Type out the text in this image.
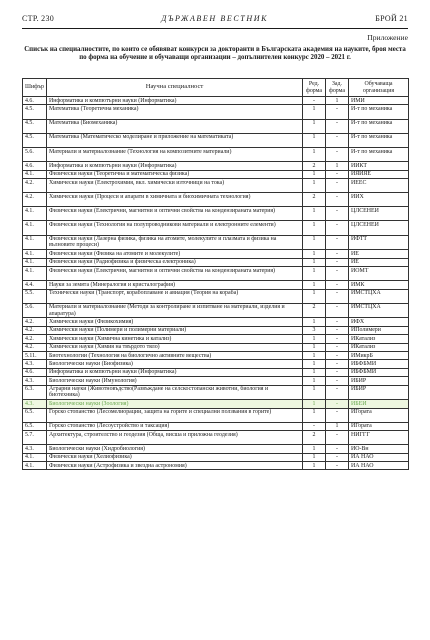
СТР. 230	ДЪРЖАВЕН ВЕСТНИК	БРОЙ 21
Приложение
Списък на специалностите, по които се обявяват конкурси за докторанти в Българската академия на науките, броя места по форма на обучение и обучаващи организации – допълнителен конкурс 2020 – 2021 г.
Шифър	Научна специалност	Ред. форма	Зад. форма	Обучаваща организация
4.6.	Информатика и компютърни науки (Информатика)	-	1	ИМИ
4.5.	Математика (Теоретична механика)	1	-	И-т по механика
4.5.	Математика (Биомеханика)	1	-	И-т по механика
4.5.	Математика (Математическо моделиране и приложение на математиката)	1	-	И-т по механика
5.6.	Материали и материалознание (Технология на композитните материали)	1	-	И-т по механика
4.6.	Информатика и компютърни науки (Информатика)	2	1	ИИКТ
4.1.	Физически науки (Теоретична и математическа физика)	1	-	ИЯИЯЕ
4.2.	Химически науки (Електрохимия, вкл. химически източници на тока)	1	-	ИЕЕС
4.2.	Химически науки (Процеси и апарати в химичната и биохимичната технология)	2	-	ИИХ
4.1.	Физически науки (Електрични, магнитни и оптични свойства на кондензираната материя)	1	-	ЦЛСЕНЕИ
4.1.	Физически науки (Технология на полупроводникови материали и електронните елементи)	1	-	ЦЛСЕНЕИ
4.1.	Физически науки (Лазерна физика, физика на атомите, молекулите и плазмата и физика на вълновите процеси)	1	-	ИФТТ
4.1.	Физически науки (Физика на атомите и молекулите)	1	-	ИЕ
4.1.	Физически науки (Радиофизика и физическа електроника)	1	-	ИЕ
4.1.	Физически науки (Електрични, магнитни и оптични свойства на кондензираната материя)	1	-	ИОМТ
4.4.	Науки за земята (Минералогия и кристалография)	1	-	ИМК
5.5.	Технически науки (Транспорт, корабоплаване и авиация (Теория на кораба)	1	-	ИМСТЦХА
5.6.	Материали и материалознание (Методи за контролиране и изпитване на материали, изделия и апаратура)	2	-	ИМСТЦХА
4.2.	Химически науки (Физикохимия)	1	-	ИФХ
4.2.	Химически науки (Полимери и полимерни материали)	3	-	ИПолимери
4.2.	Химически науки (Химична кинетика и катализ)	1	-	ИКатализ
4.2.	Химически науки (Химия на твърдото тяло)	1	-	ИКатализ
5.11.	Биотехнологии (Технология на биологично активните вещества)	1	-	ИМикрБ
4.3.	Биологически науки (Биофизика)	1	-	ИБФБМИ
4.6.	Информатика и компютърни науки (Информатика)	1	-	ИБФБМИ
4.3.	Биологически науки (Имунология)	1	-	ИБИР
6.3.	Аграрни науки (Животновъдство(Развъждане на селскостопански животни, биология и биотехника)	1	-	ИБИР
4.3.	Биологически науки (Зоология)	1	-	ИБЕИ
6.5.	Горско стопанство (Лесомелиорации, защита на горите и специални ползвания в горите)	1	-	ИГората
6.5.	Горско стопанство (Лесоустройство и таксация)	-	1	ИГората
5.7.	Архитектура, строителство и геодезия (Обща, висша и приложна геодезия)	2	-	НИГГГ
4.3.	Биологически науки (Хидробиология)	1	-	ИО-Вн
4.1.	Физически науки (Хелиофизика)	1	-	ИА НАО
4.1.	Физически науки (Астрофизика и звездна астрономия)	1	-	ИА НАО
